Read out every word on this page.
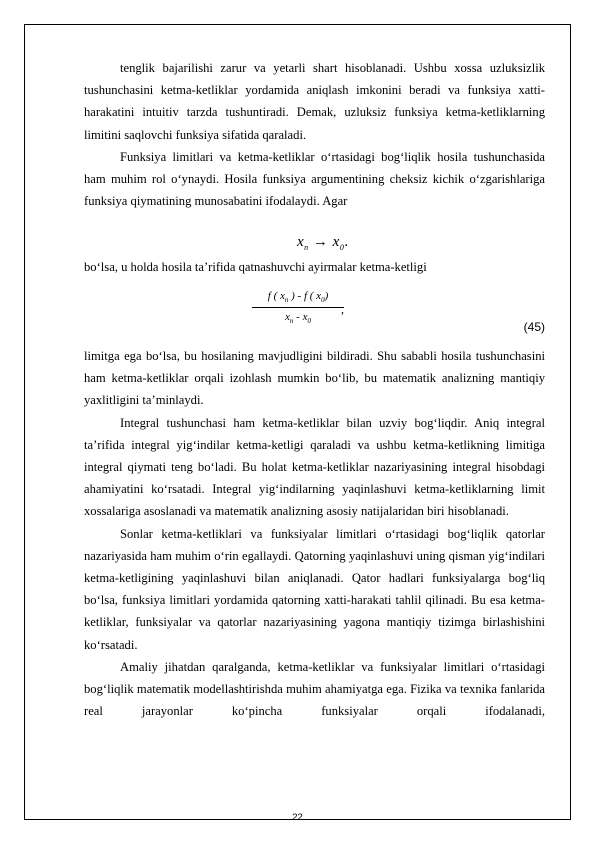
tenglik bajarilishi zarur va yetarli shart hisoblanadi. Ushbu xossa uzluksizlik tushunchasini ketma-ketliklar yordamida aniqlash imkonini beradi va funksiya xatti-harakatini intuitiv tarzda tushuntiradi. Demak, uzluksiz funksiya ketma-ketliklarning limitini saqlovchi funksiya sifatida qaraladi.

Funksiya limitlari va ketma-ketliklar o‘rtasidagi bog‘liqlik hosila tushunchasida ham muhim rol o‘ynaydi. Hosila funksiya argumentining cheksiz kichik o‘zgarishlariga funksiya qiymatining munosabatini ifodalaydi. Agar

$x_n \to x_0$.

bo‘lsa, u holda hosila ta’rifida qatnashuvchi ayirmalar ketma-ketligi

f ( $x_n$ ) - f ( $x_0$)
$x_n - x_0$
,
(45)

limitga ega bo‘lsa, bu hosilaning mavjudligini bildiradi. Shu sababli hosila tushunchasini ham ketma-ketliklar orqali izohlash mumkin bo‘lib, bu matematik analizning mantiqiy yaxlitligini ta’minlaydi.

Integral tushunchasi ham ketma-ketliklar bilan uzviy bog‘liqdir. Aniq integral ta’rifida integral yig‘indilar ketma-ketligi qaraladi va ushbu ketma-ketlikning limitiga integral qiymati teng bo‘ladi. Bu holat ketma-ketliklar nazariyasining integral hisobdagi ahamiyatini ko‘rsatadi. Integral yig‘indilarning yaqinlashuvi ketma-ketliklarning limit xossalariga asoslanadi va matematik analizning asosiy natijalaridan biri hisoblanadi.

Sonlar ketma-ketliklari va funksiyalar limitlari o‘rtasidagi bog‘liqlik qatorlar nazariyasida ham muhim o‘rin egallaydi. Qatorning yaqinlashuvi uning qisman yig‘indilari ketma-ketligining yaqinlashuvi bilan aniqlanadi. Qator hadlari funksiyalarga bog‘liq bo‘lsa, funksiya limitlari yordamida qatorning xatti-harakati tahlil qilinadi. Bu esa ketma-ketliklar, funksiyalar va qatorlar nazariyasining yagona mantiqiy tizimga birlashishini ko‘rsatadi.

Amaliy jihatdan qaralganda, ketma-ketliklar va funksiyalar limitlari o‘rtasidagi bog‘liqlik matematik modellashtirishda muhim ahamiyatga ega. Fizika va texnika fanlarida real jarayonlar ko‘pincha funksiyalar orqali ifodalanadi,

22
